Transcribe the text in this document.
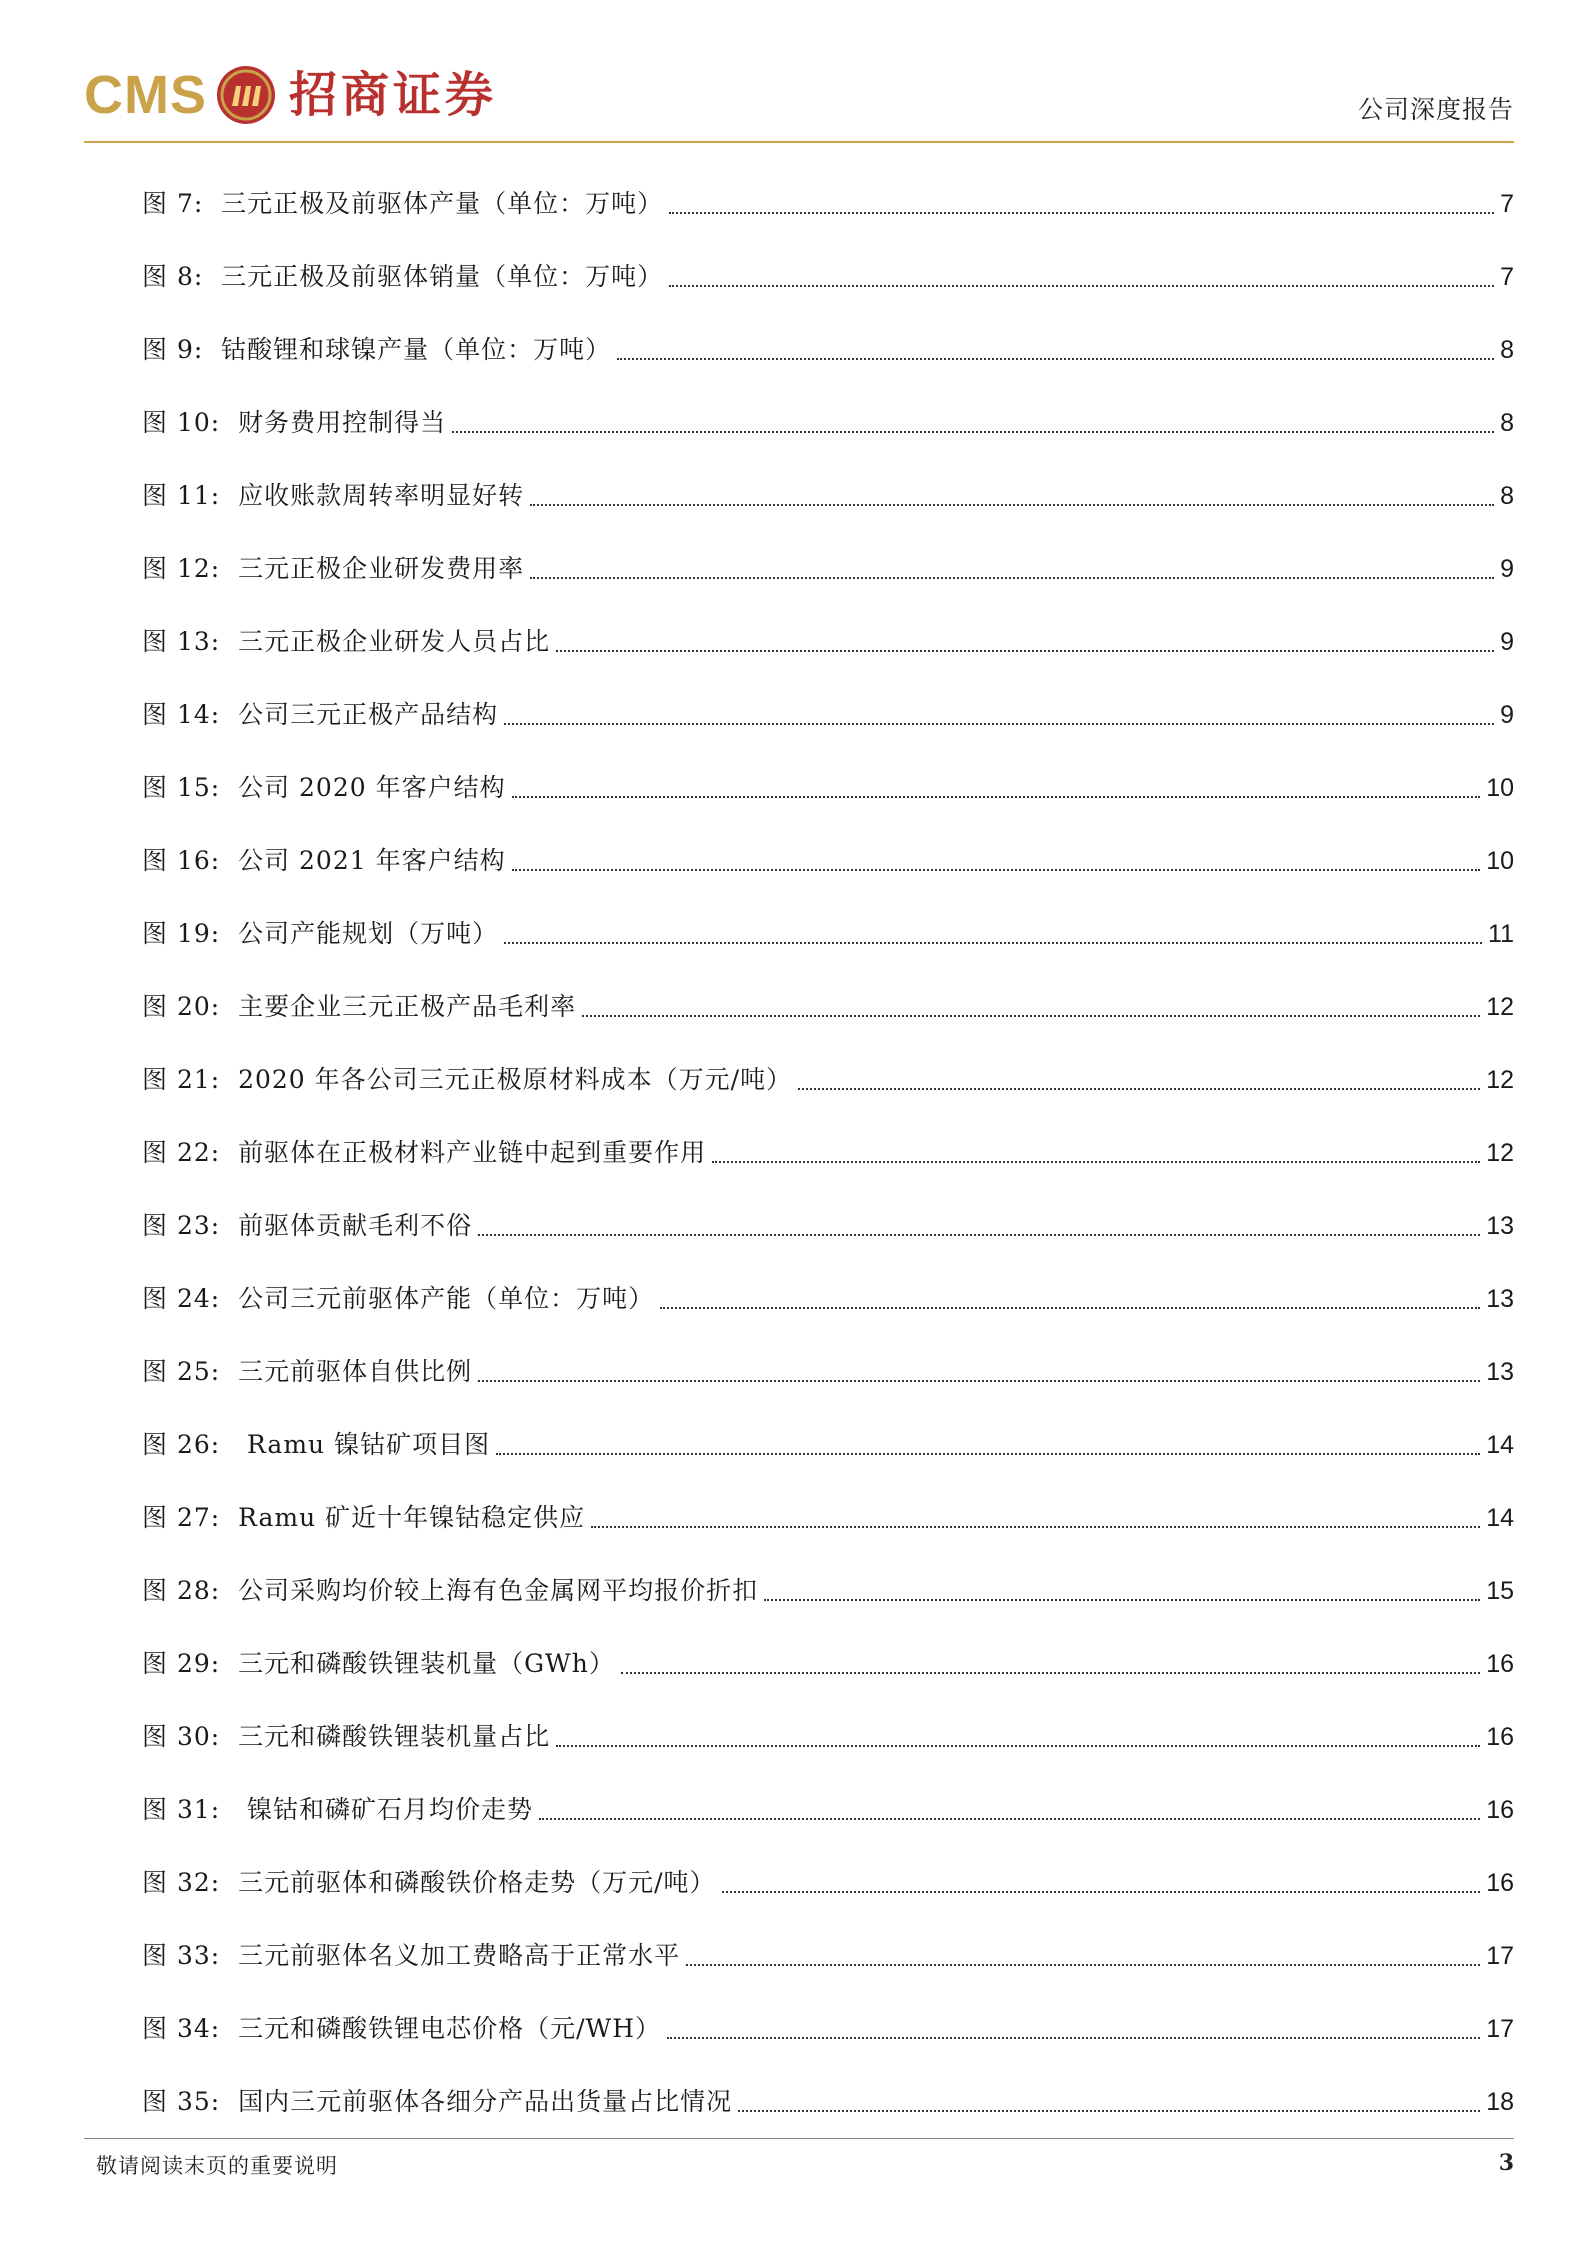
CMS 招商证券	公司深度报告
图 7:  三元正极及前驱体产量（单位：万吨）	7
图 8:  三元正极及前驱体销量（单位：万吨）	7
图 9:  钴酸锂和球镍产量（单位：万吨）	8
图 10:  财务费用控制得当	8
图 11:  应收账款周转率明显好转	8
图 12:  三元正极企业研发费用率	9
图 13:  三元正极企业研发人员占比	9
图 14:  公司三元正极产品结构	9
图 15:  公司 2020 年客户结构	10
图 16:  公司 2021 年客户结构	10
图 19:  公司产能规划（万吨）	11
图 20:  主要企业三元正极产品毛利率	12
图 21:  2020 年各公司三元正极原材料成本（万元/吨）	12
图 22:  前驱体在正极材料产业链中起到重要作用	12
图 23:  前驱体贡献毛利不俗	13
图 24:  公司三元前驱体产能（单位：万吨）	13
图 25:  三元前驱体自供比例	13
图 26:   Ramu 镍钴矿项目图	14
图 27:  Ramu 矿近十年镍钴稳定供应	14
图 28:  公司采购均价较上海有色金属网平均报价折扣	15
图 29:  三元和磷酸铁锂装机量（GWh）	16
图 30:  三元和磷酸铁锂装机量占比	16
图 31:   镍钴和磷矿石月均价走势	16
图 32:  三元前驱体和磷酸铁价格走势（万元/吨）	16
图 33:  三元前驱体名义加工费略高于正常水平	17
图 34:  三元和磷酸铁锂电芯价格（元/WH）	17
图 35:  国内三元前驱体各细分产品出货量占比情况	18
敬请阅读末页的重要说明	3
